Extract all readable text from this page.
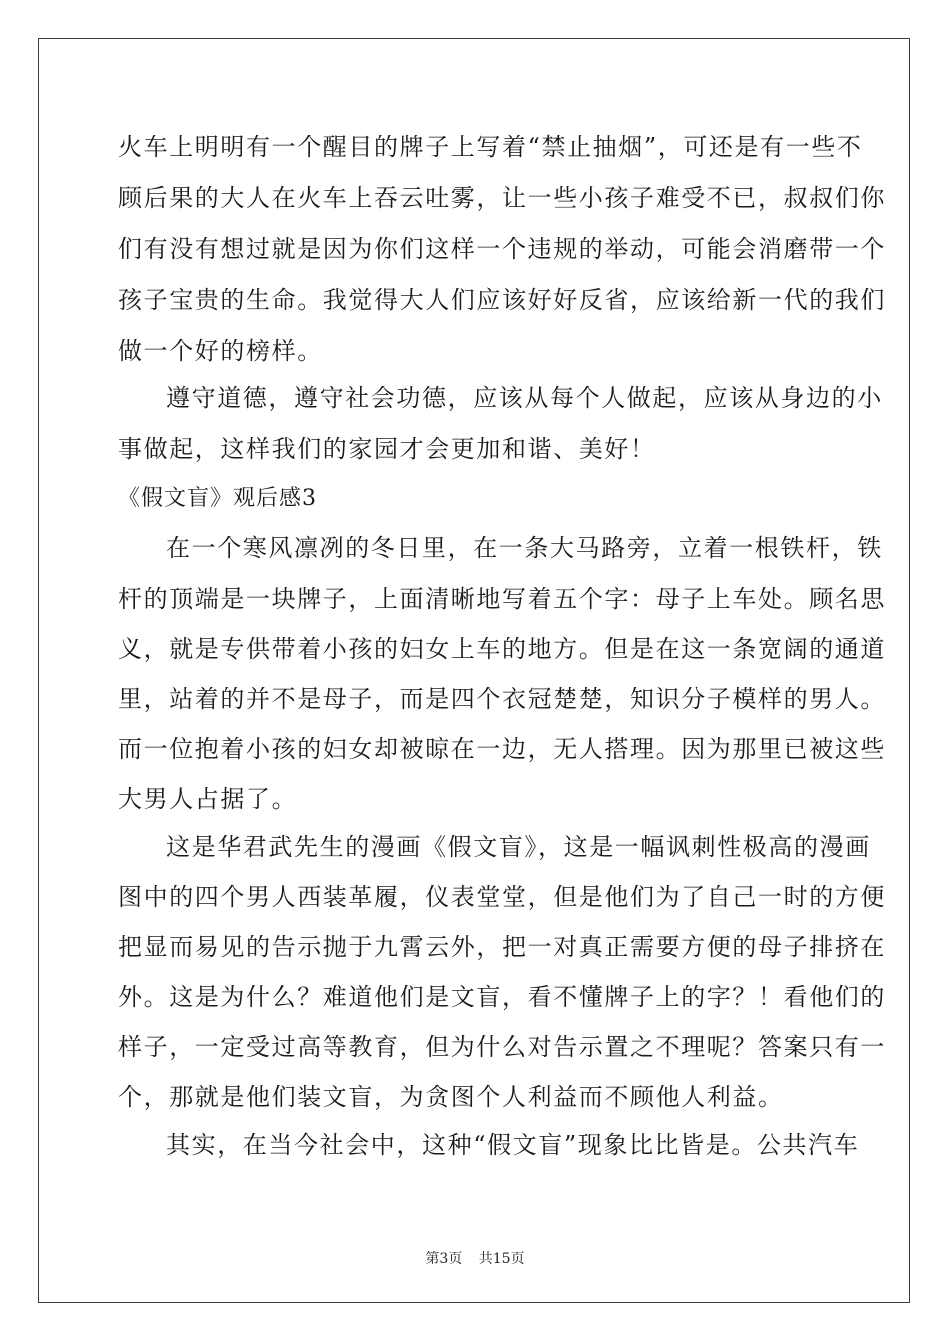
火车上明明有一个醒目的牌子上写着“禁止抽烟”，可还是有一些不
顾后果的大人在火车上吞云吐雾，让一些小孩子难受不已，叔叔们你
们有没有想过就是因为你们这样一个违规的举动，可能会消磨带一个
孩子宝贵的生命。我觉得大人们应该好好反省，应该给新一代的我们
做一个好的榜样。
遵守道德，遵守社会功德，应该从每个人做起，应该从身边的小
事做起，这样我们的家园才会更加和谐、美好！
《假文盲》观后感3
在一个寒风凛冽的冬日里，在一条大马路旁，立着一根铁杆，铁
杆的顶端是一块牌子，上面清晰地写着五个字：母子上车处。顾名思
义，就是专供带着小孩的妇女上车的地方。但是在这一条宽阔的通道
里，站着的并不是母子，而是四个衣冠楚楚，知识分子模样的男人。
而一位抱着小孩的妇女却被晾在一边，无人搭理。因为那里已被这些
大男人占据了。
这是华君武先生的漫画《假文盲》，这是一幅讽刺性极高的漫画
图中的四个男人西装革履，仪表堂堂，但是他们为了自己一时的方便
把显而易见的告示抛于九霄云外，把一对真正需要方便的母子排挤在
外。这是为什么？难道他们是文盲，看不懂牌子上的字？！看他们的
样子，一定受过高等教育，但为什么对告示置之不理呢？答案只有一
个，那就是他们装文盲，为贪图个人利益而不顾他人利益。
其实，在当今社会中，这种“假文盲”现象比比皆是。公共汽车
第3页 共15页
